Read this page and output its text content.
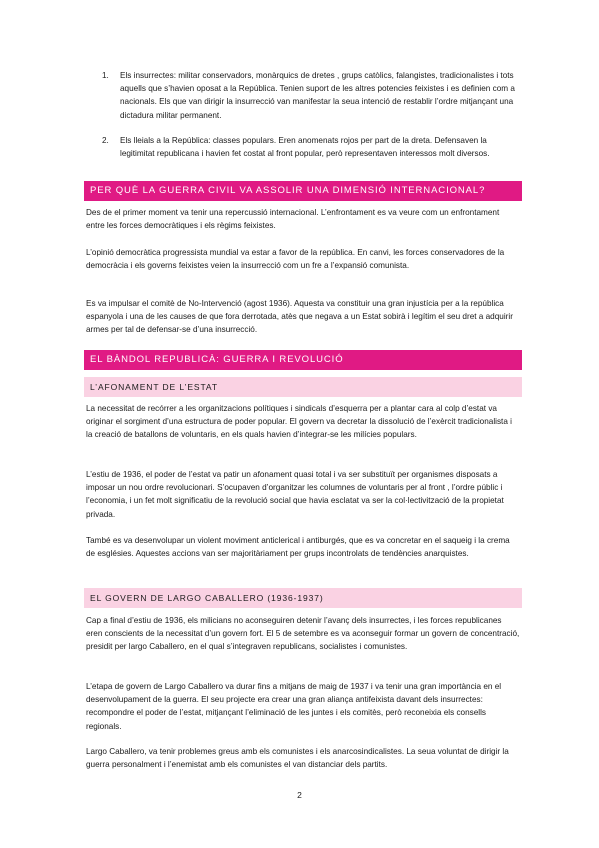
1. Els insurrectes: militar conservadors, monàrquics de dretes , grups catòlics, falangistes, tradicionalistes i tots aquells que s’havien oposat a la República. Tenien suport de les altres potencies feixistes i es definien com a nacionals. Els que van dirigir la insurrecció van manifestar la seua intenció de restablir l’ordre mitjançant una dictadura militar permanent.
2. Els lleials a la República: classes populars. Eren anomenats rojos per part de la dreta. Defensaven la legitimitat republicana i havien fet costat al front popular, però representaven interessos molt diversos.
PER QUÈ LA GUERRA CIVIL VA ASSOLIR UNA DIMENSIÓ INTERNACIONAL?

Des de el primer moment va tenir una repercussió internacional. L’enfrontament es va veure com un enfrontament entre les forces democràtiques i els règims feixistes.

L’opinió democràtica progressista mundial va estar a favor de la república. En canvi, les forces conservadores de la democràcia i els governs feixistes veien la insurrecció com un fre a l’expansió comunista.

Es va impulsar el comitè de No-Intervenció (agost 1936). Aquesta va constituir una gran injustícia per a la república espanyola i una de les causes de que fora derrotada, atès que negava a un Estat sobirà i legítim el seu dret a adquirir armes per tal de defensar-se d’una insurrecció.

EL BÀNDOL REPUBLICÀ: GUERRA I REVOLUCIÓ
L’AFONAMENT DE L’ESTAT

La necessitat de recórrer a les organitzacions polítiques i sindicals d’esquerra per a plantar cara al colp d’estat va originar el sorgiment d’una estructura de poder popular. El govern va decretar la dissolució de l’exèrcit tradicionalista i la creació de batallons de voluntaris, en els quals havien d’integrar-se les milícies populars.

L’estiu de 1936, el poder de l’estat va patir un afonament quasi total i va ser substituït per organismes disposats a imposar un nou ordre revolucionari. S’ocupaven d’organitzar les columnes de voluntaris per al front , l’ordre públic i l’economia, i un fet molt significatiu de la revolució social que havia esclatat va ser la col·lectivització de la propietat privada.

També es va desenvolupar un violent moviment anticlerical i antiburgés, que es va concretar en el saqueig i la crema de esglésies. Aquestes accions van ser majoritàriament per grups incontrolats de tendències anarquistes.

EL GOVERN DE LARGO CABALLERO (1936-1937)

Cap a final d’estiu de 1936, els milicians no aconseguiren detenir l’avanç dels insurrectes, i les forces republicanes eren conscients de la necessitat d’un govern fort. El 5 de setembre es va aconseguir formar un govern de concentració, presidit per largo Caballero, en el qual s’integraven republicans, socialistes i comunistes.

L’etapa de govern de Largo Caballero va durar fins a mitjans de maig de 1937 i va tenir una gran importància en el desenvolupament de la guerra. El seu projecte era crear una gran aliança antifeixista davant dels insurrectes: recompondre el poder de l’estat, mitjançant l’eliminació de les juntes i els comitès, però reconeixia els consells regionals.

Largo Caballero, va tenir problemes greus amb els comunistes i els anarcosindicalistes. La seua voluntat de dirigir la guerra personalment i l’enemistat amb els comunistes el van distanciar dels partits.

2
